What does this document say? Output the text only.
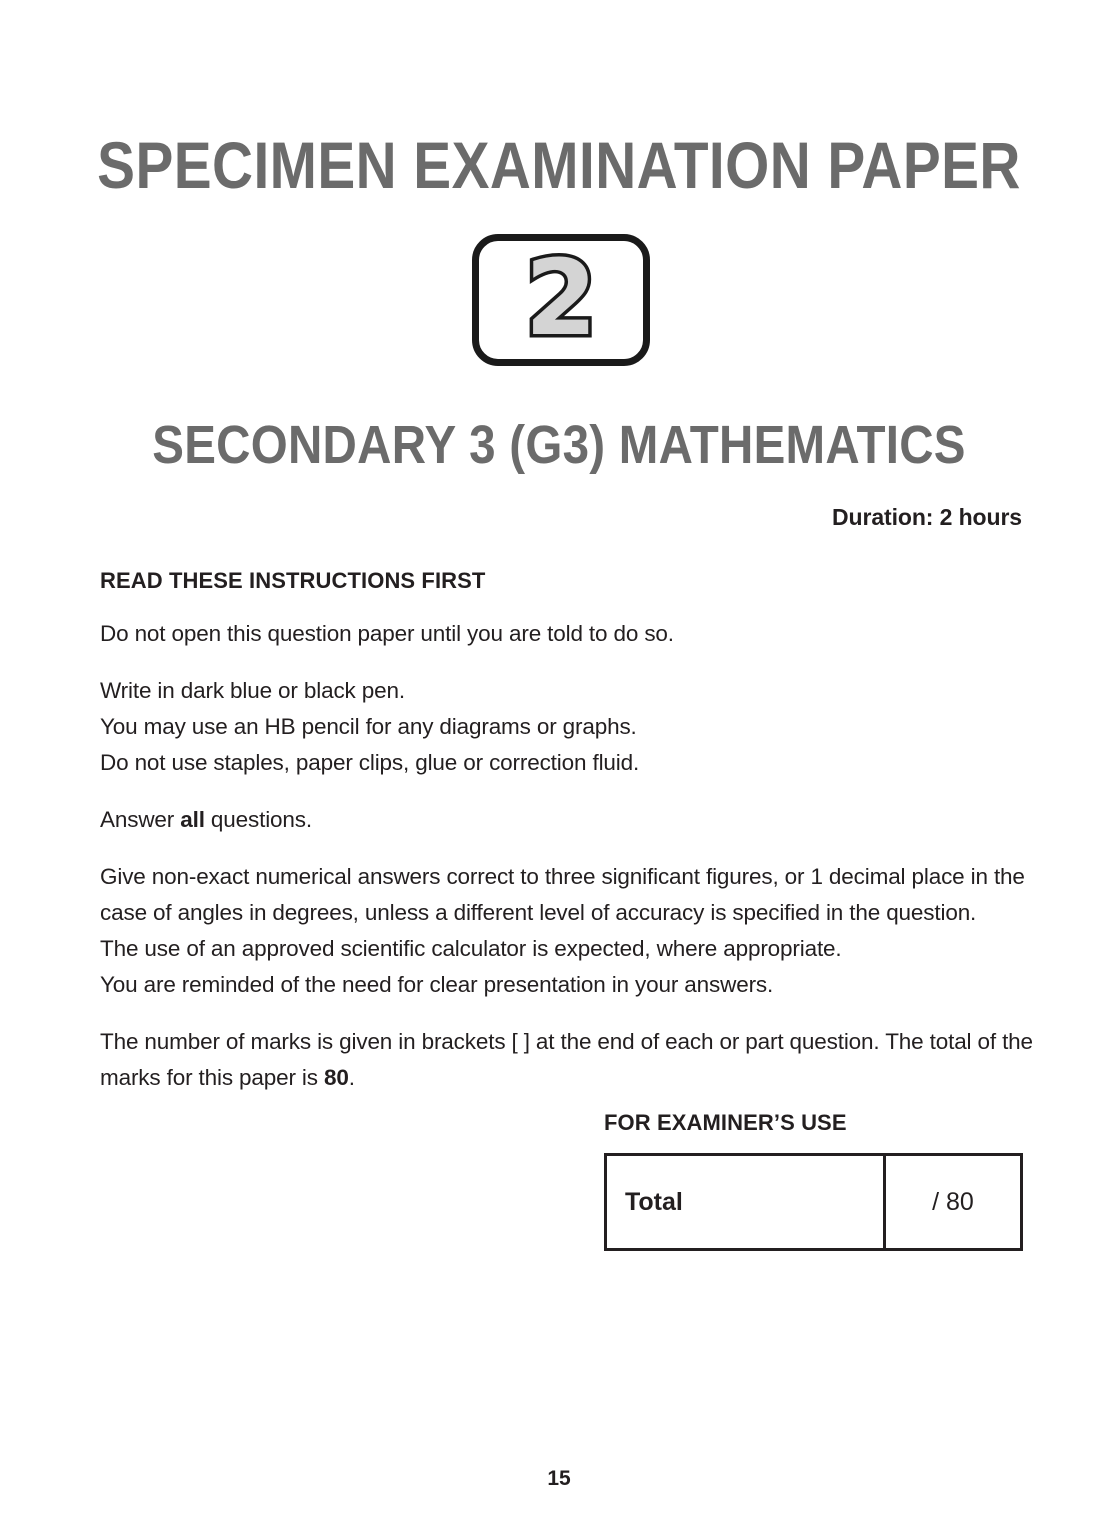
SPECIMEN EXAMINATION PAPER
2
SECONDARY 3 (G3) MATHEMATICS
Duration: 2 hours
READ THESE INSTRUCTIONS FIRST
Do not open this question paper until you are told to do so.
Write in dark blue or black pen.
You may use an HB pencil for any diagrams or graphs.
Do not use staples, paper clips, glue or correction fluid.
Answer all questions.
Give non-exact numerical answers correct to three significant figures, or 1 decimal place in the
case of angles in degrees, unless a different level of accuracy is specified in the question.
The use of an approved scientific calculator is expected, where appropriate.
You are reminded of the need for clear presentation in your answers.
The number of marks is given in brackets [ ] at the end of each or part question. The total of the
marks for this paper is 80.
FOR EXAMINER’S USE
Total	/ 80
15
